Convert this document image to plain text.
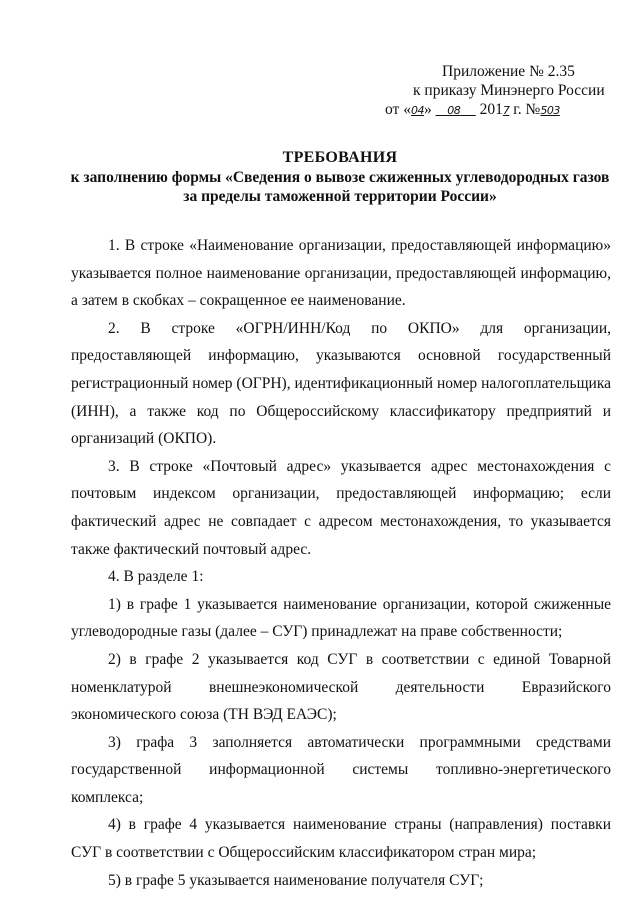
Приложение № 2.35
к приказу Минэнерго России
от «04»    08     2017 г. №503
ТРЕБОВАНИЯ
к заполнению формы «Сведения о вывозе сжиженных углеводородных газов
за пределы таможенной территории России»

1. В строке «Наименование организации, предоставляющей информацию» указывается полное наименование организации, предоставляющей информацию, а затем в скобках – сокращенное ее наименование.

2. В строке «ОГРН/ИНН/Код по ОКПО» для организации, предоставляющей информацию, указываются основной государственный регистрационный номер (ОГРН), идентификационный номер налогоплательщика (ИНН), а также код по Общероссийскому классификатору предприятий и организаций (ОКПО).

3. В строке «Почтовый адрес» указывается адрес местонахождения с почтовым индексом организации, предоставляющей информацию; если фактический адрес не совпадает с адресом местонахождения, то указывается также фактический почтовый адрес.

4. В разделе 1:

1) в графе 1 указывается наименование организации, которой сжиженные углеводородные газы (далее – СУГ) принадлежат на праве собственности;

2) в графе 2 указывается код СУГ в соответствии с единой Товарной номенклатурой внешнеэкономической деятельности Евразийского экономического союза (ТН ВЭД ЕАЭС);

3) графа 3 заполняется автоматически программными средствами государственной информационной системы топливно-энергетического комплекса;

4) в графе 4 указывается наименование страны (направления) поставки СУГ в соответствии с Общероссийским классификатором стран мира;

5) в графе 5 указывается наименование получателя СУГ;
